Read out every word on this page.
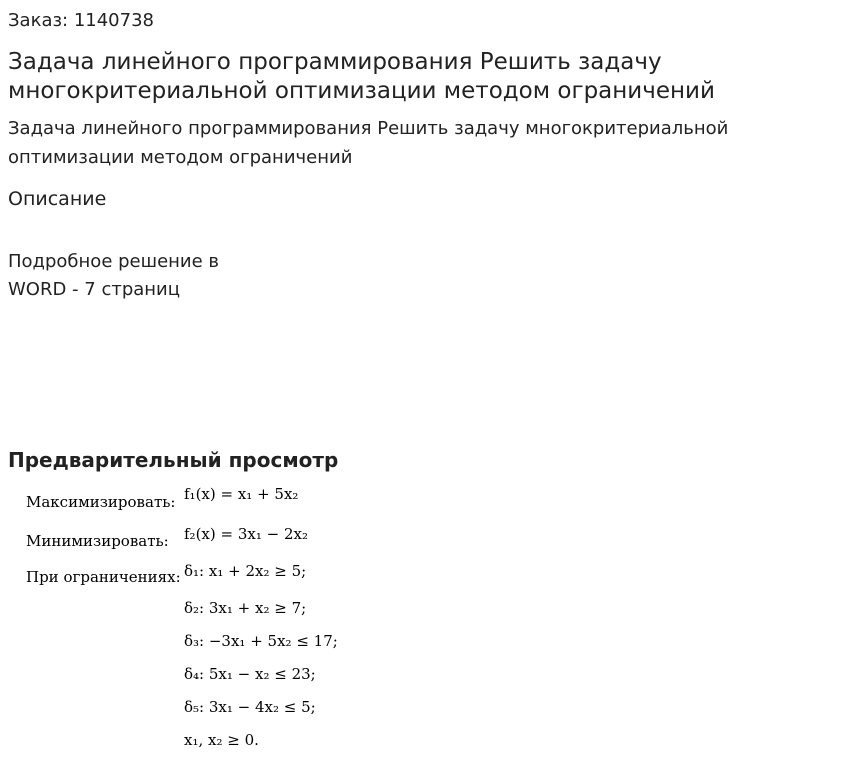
Заказ: 1140738
Задача линейного программирования Решить задачу многокритериальной оптимизации методом ограничений

Задача линейного программирования Решить задачу многокритериальной оптимизации методом ограничений

Описание
Подробное решение в
WORD - 7 страниц
Предварительный просмотр
Максимизировать: f₁(x) = x₁ + 5x₂
Минимизировать: f₂(x) = 3x₁ − 2x₂
При ограничениях: δ₁: x₁ + 2x₂ ≥ 5;
δ₂: 3x₁ + x₂ ≥ 7;
δ₃: −3x₁ + 5x₂ ≤ 17;
δ₄: 5x₁ − x₂ ≤ 23;
δ₅: 3x₁ − 4x₂ ≤ 5;
x₁, x₂ ≥ 0.
